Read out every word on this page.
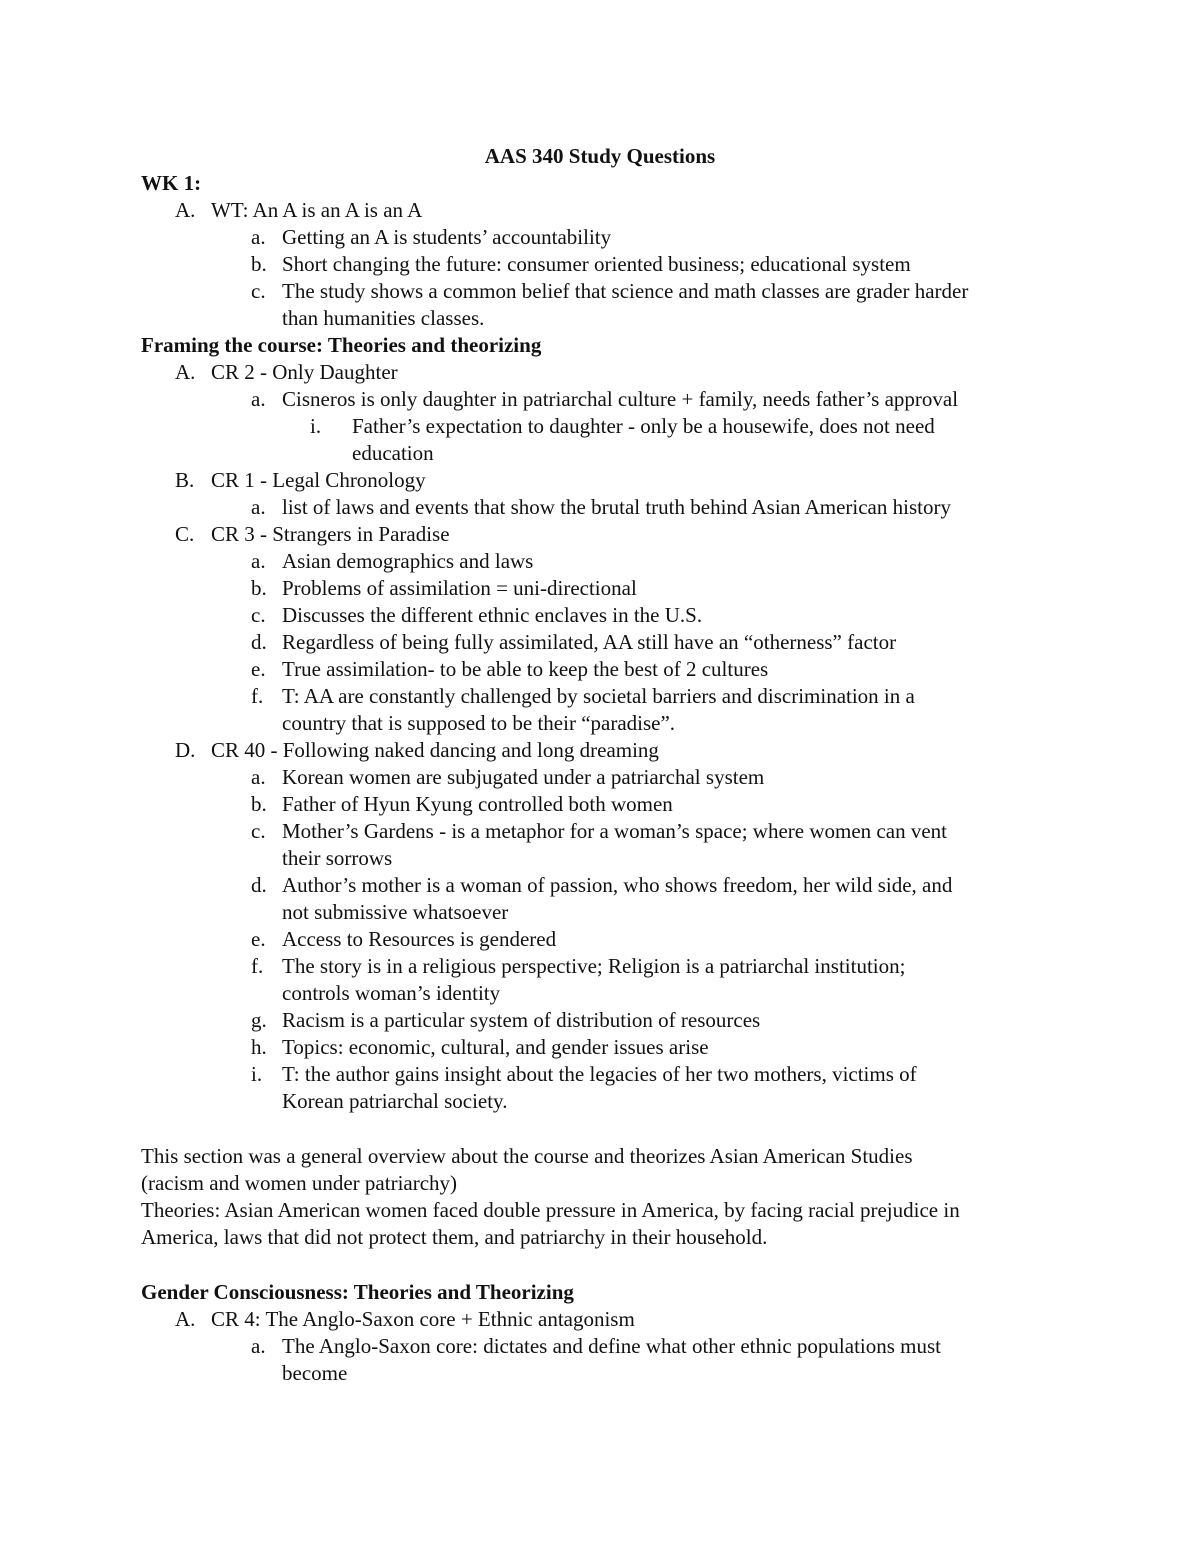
AAS 340 Study Questions
WK 1:
A. WT: An A is an A is an A
a. Getting an A is students’ accountability
b. Short changing the future: consumer oriented business; educational system
c. The study shows a common belief that science and math classes are grader harder
than humanities classes.
Framing the course: Theories and theorizing
A. CR 2 - Only Daughter
a. Cisneros is only daughter in patriarchal culture + family, needs father’s approval
i. Father’s expectation to daughter - only be a housewife, does not need
education
B. CR 1 - Legal Chronology
a. list of laws and events that show the brutal truth behind Asian American history
C. CR 3 - Strangers in Paradise
a. Asian demographics and laws
b. Problems of assimilation = uni-directional
c. Discusses the different ethnic enclaves in the U.S.
d. Regardless of being fully assimilated, AA still have an “otherness” factor
e. True assimilation- to be able to keep the best of 2 cultures
f. T: AA are constantly challenged by societal barriers and discrimination in a
country that is supposed to be their “paradise”.
D. CR 40 - Following naked dancing and long dreaming
a. Korean women are subjugated under a patriarchal system
b. Father of Hyun Kyung controlled both women
c. Mother’s Gardens - is a metaphor for a woman’s space; where women can vent
their sorrows
d. Author’s mother is a woman of passion, who shows freedom, her wild side, and
not submissive whatsoever
e. Access to Resources is gendered
f. The story is in a religious perspective; Religion is a patriarchal institution;
controls woman’s identity
g. Racism is a particular system of distribution of resources
h. Topics: economic, cultural, and gender issues arise
i. T: the author gains insight about the legacies of her two mothers, victims of
Korean patriarchal society.
This section was a general overview about the course and theorizes Asian American Studies
(racism and women under patriarchy)
Theories: Asian American women faced double pressure in America, by facing racial prejudice in
America, laws that did not protect them, and patriarchy in their household.
Gender Consciousness: Theories and Theorizing
A. CR 4: The Anglo-Saxon core + Ethnic antagonism
a. The Anglo-Saxon core: dictates and define what other ethnic populations must
become
